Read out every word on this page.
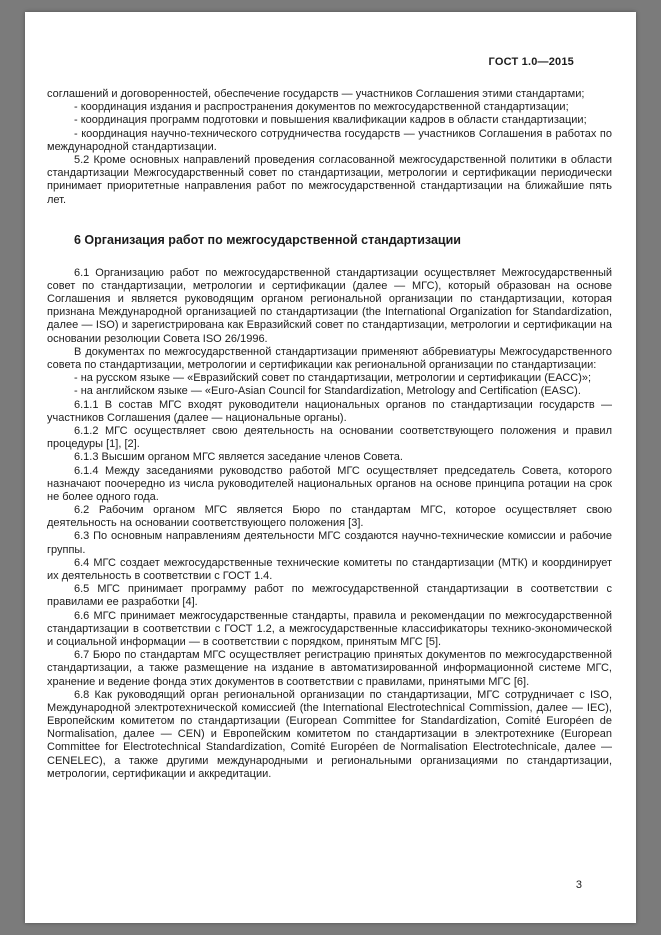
ГОСТ 1.0—2015

соглашений и договоренностей, обеспечение государств — участников Соглашения этими стандартами;

- координация издания и распространения документов по межгосударственной стандартизации;

- координация программ подготовки и повышения квалификации кадров в области стандартизации;

- координация научно-технического сотрудничества государств — участников Соглашения в работах по международной стандартизации.

5.2 Кроме основных направлений проведения согласованной межгосударственной политики в области стандартизации Межгосударственный совет по стандартизации, метрологии и сертификации периодически принимает приоритетные направления работ по межгосударственной стандартизации на ближайшие пять лет.

6 Организация работ по межгосударственной стандартизации

6.1 Организацию работ по межгосударственной стандартизации осуществляет Межгосударственный совет по стандартизации, метрологии и сертификации (далее — МГС), который образован на основе Соглашения и является руководящим органом региональной организации по стандартизации, которая признана Международной организацией по стандартизации (the International Organization for Standardization, далее — ISO) и зарегистрирована как Евразийский совет по стандартизации, метрологии и сертификации на основании резолюции Совета ISO 26/1996.

В документах по межгосударственной стандартизации применяют аббревиатуры Межгосударственного совета по стандартизации, метрологии и сертификации как региональной организации по стандартизации:

- на русском языке — «Евразийский совет по стандартизации, метрологии и сертификации (ЕАСС)»;

- на английском языке — «Euro-Asian Council for Standardization, Metrology and Certification (EASC).

6.1.1 В состав МГС входят руководители национальных органов по стандартизации государств — участников Соглашения (далее — национальные органы).

6.1.2 МГС осуществляет свою деятельность на основании соответствующего положения и правил процедуры [1], [2].

6.1.3 Высшим органом МГС является заседание членов Совета.

6.1.4 Между заседаниями руководство работой МГС осуществляет председатель Совета, которого назначают поочередно из числа руководителей национальных органов на основе принципа ротации на срок не более одного года.

6.2 Рабочим органом МГС является Бюро по стандартам МГС, которое осуществляет свою деятельность на основании соответствующего положения [3].

6.3 По основным направлениям деятельности МГС создаются научно-технические комиссии и рабочие группы.

6.4 МГС создает межгосударственные технические комитеты по стандартизации (МТК) и координирует их деятельность в соответствии с ГОСТ 1.4.

6.5 МГС принимает программу работ по межгосударственной стандартизации в соответствии с правилами ее разработки [4].

6.6 МГС принимает межгосударственные стандарты, правила и рекомендации по межгосударственной стандартизации в соответствии с ГОСТ 1.2, а межгосударственные классификаторы технико-экономической и социальной информации — в соответствии с порядком, принятым МГС [5].

6.7 Бюро по стандартам МГС осуществляет регистрацию принятых документов по межгосударственной стандартизации, а также размещение на издание в автоматизированной информационной системе МГС, хранение и ведение фонда этих документов в соответствии с правилами, принятыми МГС [6].

6.8 Как руководящий орган региональной организации по стандартизации, МГС сотрудничает с ISO, Международной электротехнической комиссией (the International Electrotechnical Commission, далее — IEC), Европейским комитетом по стандартизации (European Committee for Standardization, Comité Européen de Normalisation, далее — CEN) и Европейским комитетом по стандартизации в электротехнике (European Committee for Electrotechnical Standardization, Comité Européen de Normalisation Electrotechnicale, далее — CENELEC), а также другими международными и региональными организациями по стандартизации, метрологии, сертификации и аккредитации.

3
